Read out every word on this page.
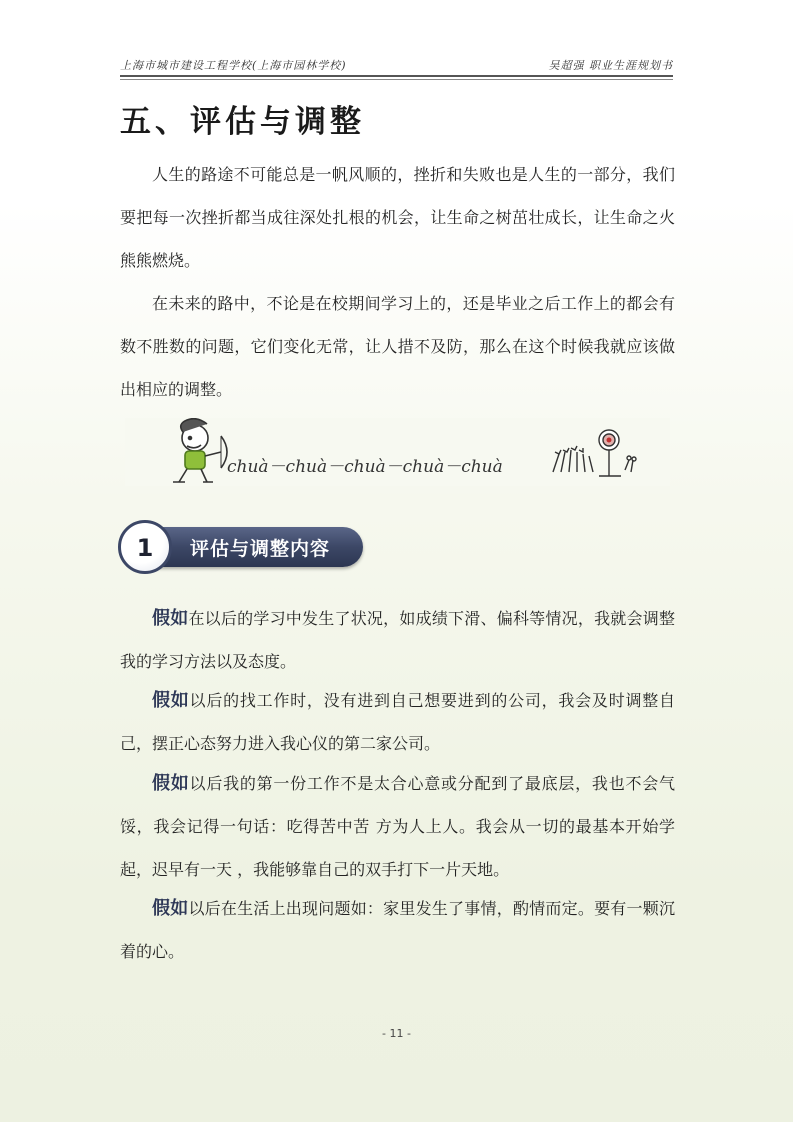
上海市城市建设工程学校(上海市园林学校)	吴超强 职业生涯规划书
五、评估与调整

人生的路途不可能总是一帆风顺的，挫折和失败也是人生的一部分，我们要把每一次挫折都当成往深处扎根的机会，让生命之树茁壮成长，让生命之火熊熊燃烧。

在未来的路中，不论是在校期间学习上的，还是毕业之后工作上的都会有数不胜数的问题，它们变化无常，让人措不及防，那么在这个时候我就应该做出相应的调整。

chuà－chuà－chuà－chuà－chuà
评估与调整内容
1

假如在以后的学习中发生了状况，如成绩下滑、偏科等情况，我就会调整我的学习方法以及态度。

假如以后的找工作时，没有进到自己想要进到的公司，我会及时调整自己，摆正心态努力进入我心仪的第二家公司。

假如以后我的第一份工作不是太合心意或分配到了最底层，我也不会气馁，我会记得一句话：吃得苦中苦 方为人上人。我会从一切的最基本开始学起，迟早有一天 ，我能够靠自己的双手打下一片天地。

假如以后在生活上出现问题如：家里发生了事情，酌情而定。要有一颗沉着的心。

- 11 -
